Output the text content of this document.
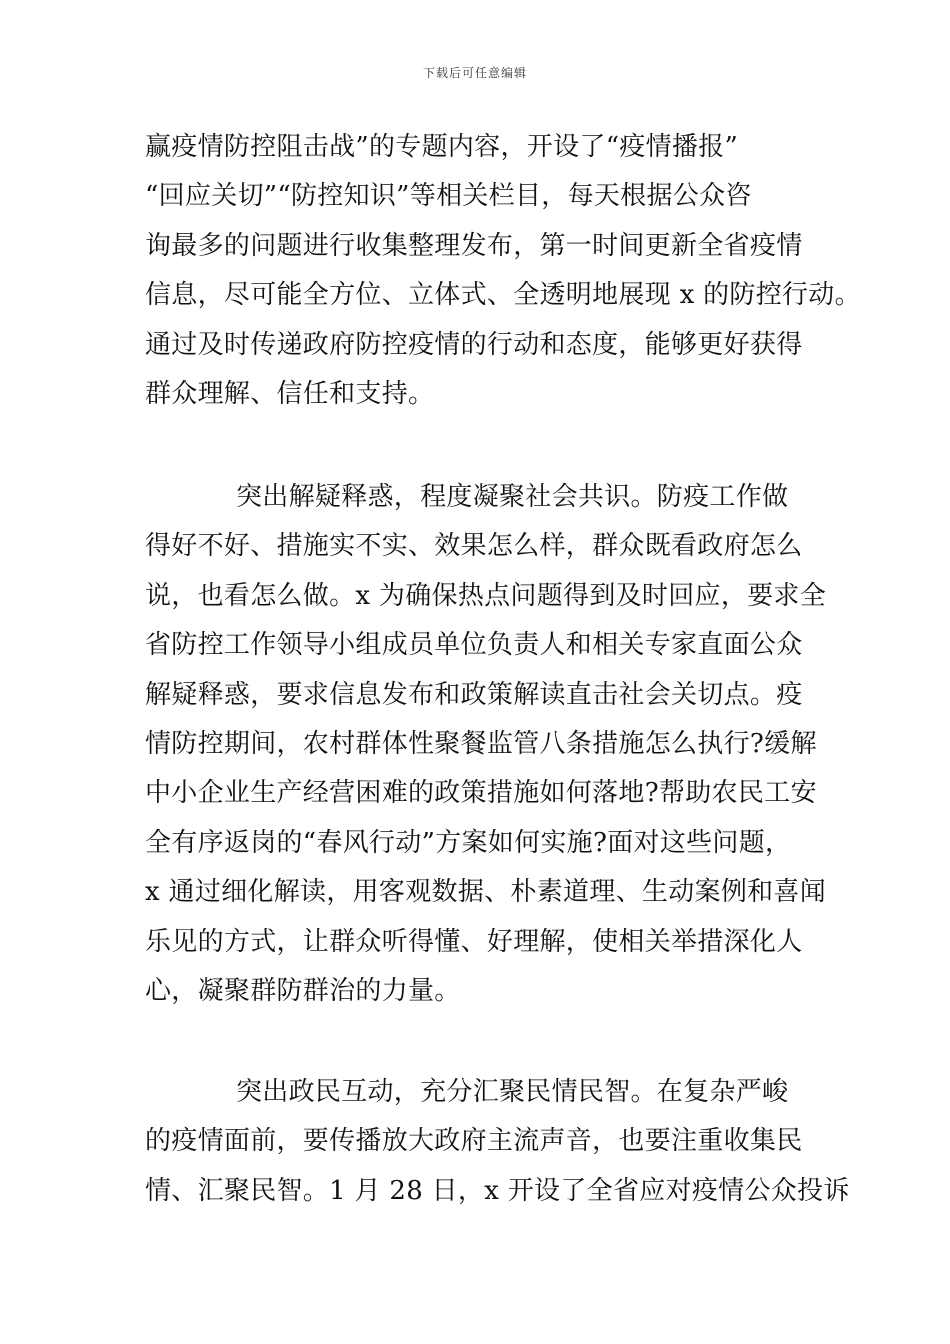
下载后可任意编辑
赢疫情防控阻击战”的专题内容，开设了“疫情播报”
“回应关切”“防控知识”等相关栏目，每天根据公众咨
询最多的问题进行收集整理发布，第一时间更新全省疫情
信息，尽可能全方位、立体式、全透明地展现 x 的防控行动。
通过及时传递政府防控疫情的行动和态度，能够更好获得
群众理解、信任和支持。
突出解疑释惑，程度凝聚社会共识。防疫工作做
得好不好、措施实不实、效果怎么样，群众既看政府怎么
说，也看怎么做。x 为确保热点问题得到及时回应，要求全
省防控工作领导小组成员单位负责人和相关专家直面公众
解疑释惑，要求信息发布和政策解读直击社会关切点。疫
情防控期间，农村群体性聚餐监管八条措施怎么执行?缓解
中小企业生产经营困难的政策措施如何落地?帮助农民工安
全有序返岗的“春风行动”方案如何实施?面对这些问题，
x 通过细化解读，用客观数据、朴素道理、生动案例和喜闻
乐见的方式，让群众听得懂、好理解，使相关举措深化人
心，凝聚群防群治的力量。
突出政民互动，充分汇聚民情民智。在复杂严峻
的疫情面前，要传播放大政府主流声音，也要注重收集民
情、汇聚民智。1 月 28 日，x 开设了全省应对疫情公众投诉
